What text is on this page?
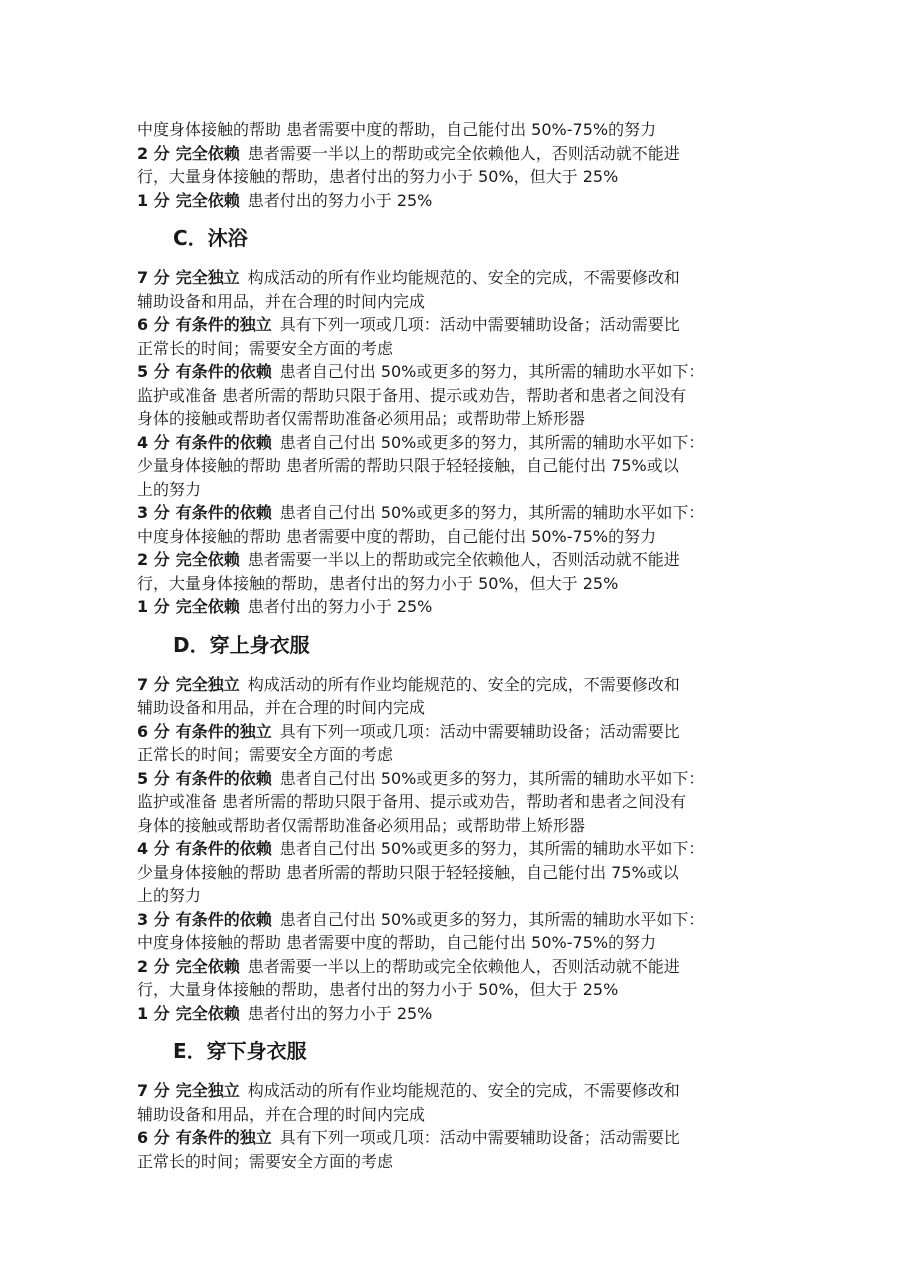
中度身体接触的帮助 患者需要中度的帮助，自己能付出 50%-75%的努力
2 分 完全依赖 患者需要一半以上的帮助或完全依赖他人，否则活动就不能进
行，大量身体接触的帮助，患者付出的努力小于 50%，但大于 25%
1 分 完全依赖 患者付出的努力小于 25%
C．沐浴
7 分 完全独立 构成活动的所有作业均能规范的、安全的完成，不需要修改和
辅助设备和用品，并在合理的时间内完成
6 分 有条件的独立 具有下列一项或几项：活动中需要辅助设备；活动需要比
正常长的时间；需要安全方面的考虑
5 分 有条件的依赖 患者自己付出 50%或更多的努力，其所需的辅助水平如下：
监护或准备 患者所需的帮助只限于备用、提示或劝告，帮助者和患者之间没有
身体的接触或帮助者仅需帮助准备必须用品；或帮助带上矫形器
4 分 有条件的依赖 患者自己付出 50%或更多的努力，其所需的辅助水平如下：
少量身体接触的帮助 患者所需的帮助只限于轻轻接触，自己能付出 75%或以
上的努力
3 分 有条件的依赖 患者自己付出 50%或更多的努力，其所需的辅助水平如下：
中度身体接触的帮助 患者需要中度的帮助，自己能付出 50%-75%的努力
2 分 完全依赖 患者需要一半以上的帮助或完全依赖他人，否则活动就不能进
行，大量身体接触的帮助，患者付出的努力小于 50%，但大于 25%
1 分 完全依赖 患者付出的努力小于 25%
D．穿上身衣服
7 分 完全独立 构成活动的所有作业均能规范的、安全的完成，不需要修改和
辅助设备和用品，并在合理的时间内完成
6 分 有条件的独立 具有下列一项或几项：活动中需要辅助设备；活动需要比
正常长的时间；需要安全方面的考虑
5 分 有条件的依赖 患者自己付出 50%或更多的努力，其所需的辅助水平如下：
监护或准备 患者所需的帮助只限于备用、提示或劝告，帮助者和患者之间没有
身体的接触或帮助者仅需帮助准备必须用品；或帮助带上矫形器
4 分 有条件的依赖 患者自己付出 50%或更多的努力，其所需的辅助水平如下：
少量身体接触的帮助 患者所需的帮助只限于轻轻接触，自己能付出 75%或以
上的努力
3 分 有条件的依赖 患者自己付出 50%或更多的努力，其所需的辅助水平如下：
中度身体接触的帮助 患者需要中度的帮助，自己能付出 50%-75%的努力
2 分 完全依赖 患者需要一半以上的帮助或完全依赖他人，否则活动就不能进
行，大量身体接触的帮助，患者付出的努力小于 50%，但大于 25%
1 分 完全依赖 患者付出的努力小于 25%
E．穿下身衣服
7 分 完全独立 构成活动的所有作业均能规范的、安全的完成，不需要修改和
辅助设备和用品，并在合理的时间内完成
6 分 有条件的独立 具有下列一项或几项：活动中需要辅助设备；活动需要比
正常长的时间；需要安全方面的考虑
